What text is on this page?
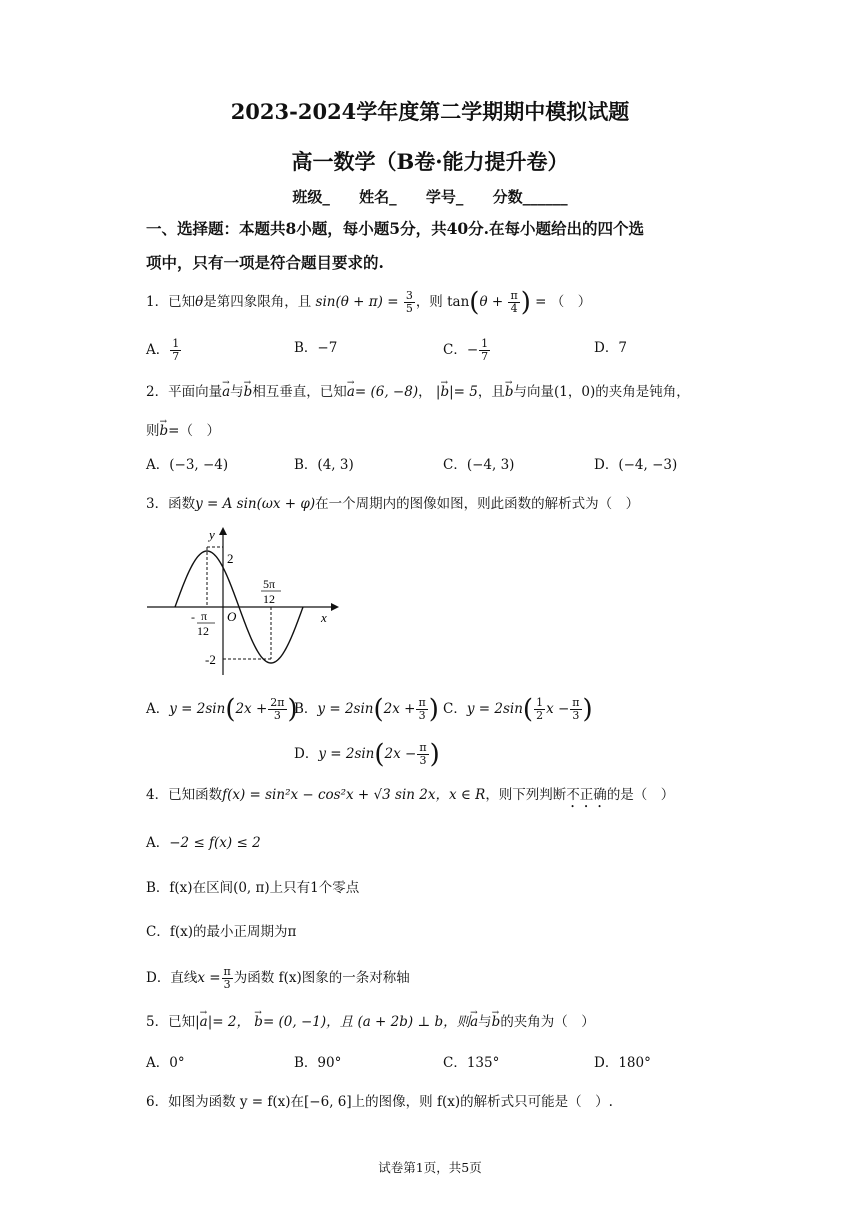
2023-2024学年度第二学期期中模拟试题
高一数学（B卷·能力提升卷）
班级_ 姓名_ 学号_ 分数______
一、选择题：本题共8小题，每小题5分，共40分.在每小题给出的四个选
项中，只有一项是符合题目要求的.
1．已知θ是第四象限角，且 $\sin(\theta + \pi) = \frac{3}{5}$ ，则 $\tan(\theta + \frac{\pi}{4}$ ) = （　）
A． $\frac{1}{7}$	B．−7	C．− $\frac{1}{7}$	D．7
2．平面向量→ a与→ b相互垂直，已知→ a= (6, −8)， |→ b|= 5，且→ b与向量(1，0)的夹角是钝角，
则→ b=（　）
A．(−3, −4)	B．(4, 3)	C．(−4, 3)	D．(−4, −3)
3．函数y = A sin(ωx + φ)在一个周期内的图像如图，则此函数的解析式为（　）
y
x
O
2
-2
- π
12
5π
12
A．$y = 2\sin(2x + \frac{2\pi}{3}$ )
B．$y = 2\sin(2x + \frac{\pi}{3}$ ) C．$y = 2\sin( \frac{1}{2}$ $x - \frac{\pi}{3}$ )
D．$y = 2\sin(2x - \frac{\pi}{3}$ )
4．已知函数f(x) = sin²x − cos²x + √3 sin 2x，x ∈ R，则下列判断不正确的是（　）
A．−2 ≤ f(x) ≤ 2
B．f(x)在区间(0, π)上只有1个零点
C．f(x)的最小正周期为π
D．直线$x = \frac{\pi}{3}$ 为函数 f(x)图象的一条对称轴
5．已知|→ a|= 2， → b= (0, −1)，且 (a + 2b) ⊥ b，则→ a与→ b的夹角为（　）
A．0°	B．90°	C．135°	D．180°
6．如图为函数 y = f(x)在[−6, 6]上的图像，则 f(x)的解析式只可能是（　）.
试卷第1页，共5页
